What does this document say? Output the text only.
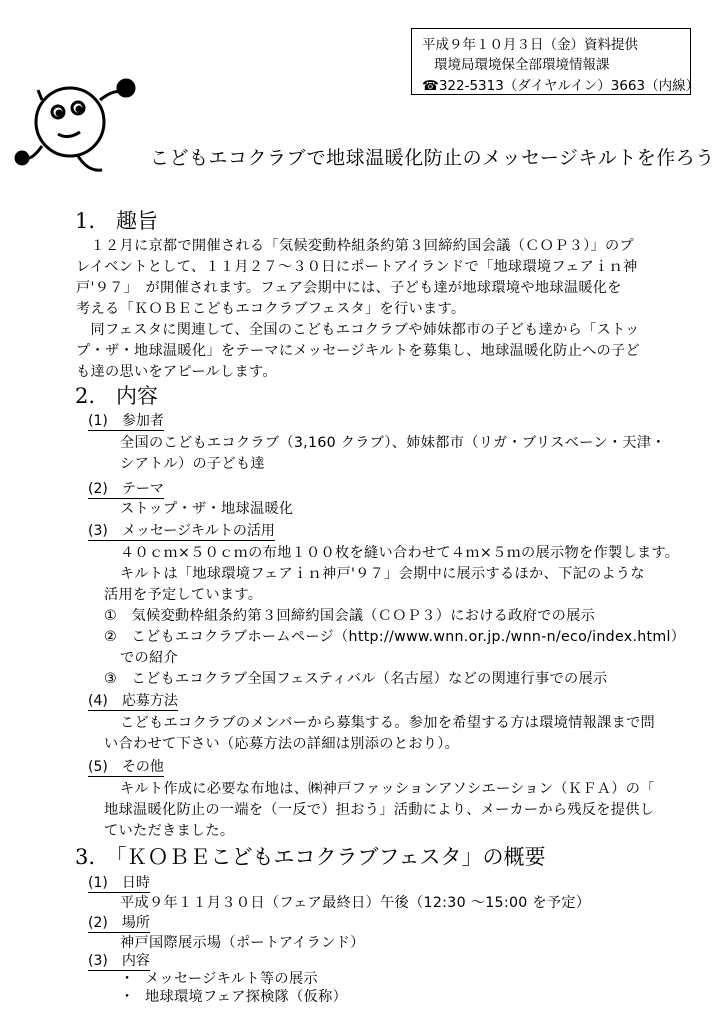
平成９年１０月３日（金）資料提供
環境局環境保全部環境情報課
☎322-5313（ダイヤルイン）3663（内線）
こどもエコクラブで地球温暖化防止のメッセージキルトを作ろう
1.　趣旨
　１２月に京都で開催される「気候変動枠組条約第３回締約国会議（ＣＯＰ３）」のプ
レイベントとして、１１月２７～３０日にポートアイランドで「地球環境フェアｉｎ神
戸'９７」　が開催されます。フェア会期中には、子ども達が地球環境や地球温暖化を
考える「ＫＯＢＥこどもエコクラブフェスタ」を行います。
　同フェスタに関連して、全国のこどもエコクラブや姉妹都市の子ども達から「ストッ
プ・ザ・地球温暖化」をテーマにメッセージキルトを募集し、地球温暖化防止への子ど
も達の思いをアピールします。
2.　内容
(1)　参加者
全国のこどもエコクラブ（3,160 クラブ）、姉妹都市（リガ・ブリスベーン・天津・
シアトル）の子ども達
(2)　テーマ
ストップ・ザ・地球温暖化
(3)　メッセージキルトの活用
４０ｃｍ×５０ｃｍの布地１００枚を縫い合わせて４ｍ×５ｍの展示物を作製します。
キルトは「地球環境フェアｉｎ神戸'９７」会期中に展示するほか、下記のような
活用を予定しています。
①　気候変動枠組条約第３回締約国会議（ＣＯＰ３）における政府での展示
②　こどもエコクラブホームページ（http://www.wnn.or.jp./wnn-n/eco/index.html）
での紹介
③　こどもエコクラブ全国フェスティバル（名古屋）などの関連行事での展示
(4)　応募方法
こどもエコクラブのメンバーから募集する。参加を希望する方は環境情報課まで問
い合わせて下さい（応募方法の詳細は別添のとおり）。
(5)　その他
キルト作成に必要な布地は、㈱神戸ファッションアソシエーション（ＫＦＡ）の「
地球温暖化防止の一端を（一反で）担おう」活動により、メーカーから残反を提供し
ていただきました。
3.　「ＫＯＢＥこどもエコクラブフェスタ」の概要
(1)　日時
平成９年１１月３０日（フェア最終日）午後（12:30 ～15:00 を予定）
(2)　場所
神戸国際展示場（ポートアイランド）
(3)　内容
・ メッセージキルト等の展示
・ 地球環境フェア探検隊（仮称）
